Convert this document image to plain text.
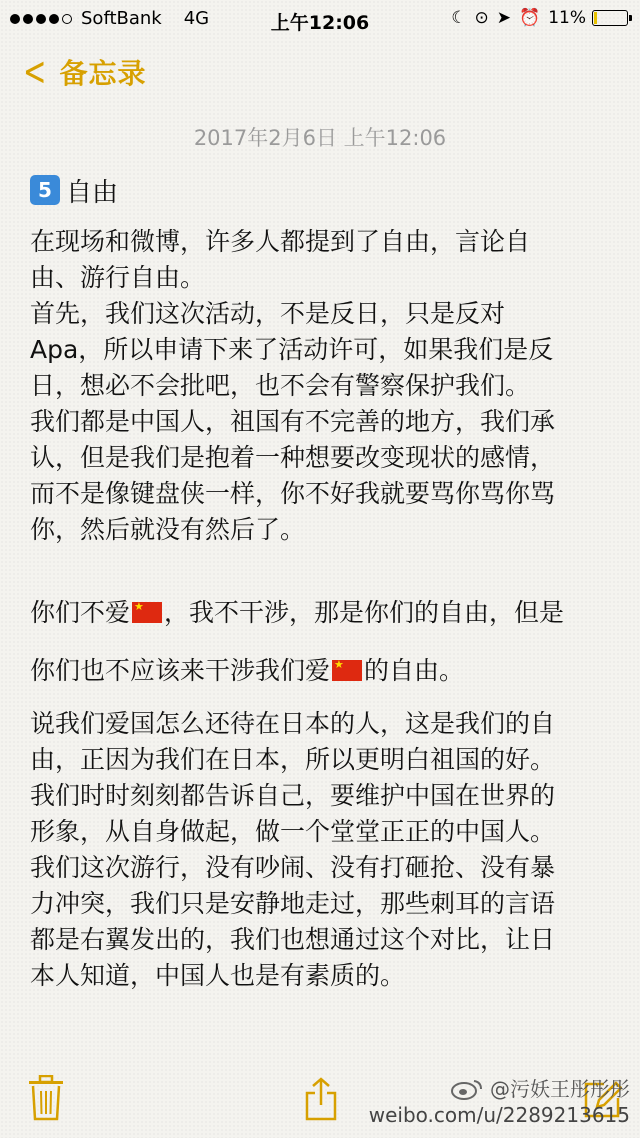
SoftBank 4G	上午12:06	☾ ⊙ ➤ ⏰ 11%
< 备忘录
2017年2月6日 上午12:06
5 自由

在现场和微博，许多人都提到了自由，言论自
由、游行自由。
首先，我们这次活动，不是反日，只是反对
Apa，所以申请下来了活动许可，如果我们是反
日，想必不会批吧，也不会有警察保护我们。
我们都是中国人，祖国有不完善的地方，我们承
认，但是我们是抱着一种想要改变现状的感情，
而不是像键盘侠一样，你不好我就要骂你骂你骂
你，然后就没有然后了。

你们不爱 ★ ，我不干涉，那是你们的自由，但是
你们也不应该来干涉我们爱 ★ 的自由。

说我们爱国怎么还待在日本的人，这是我们的自
由，正因为我们在日本，所以更明白祖国的好。
我们时时刻刻都告诉自己，要维护中国在世界的
形象，从自身做起，做一个堂堂正正的中国人。
我们这次游行，没有吵闹、没有打砸抢、没有暴
力冲突，我们只是安静地走过，那些刺耳的言语
都是右翼发出的，我们也想通过这个对比，让日
本人知道，中国人也是有素质的。

@污妖王彤彤彤
weibo.com/u/2289213615
